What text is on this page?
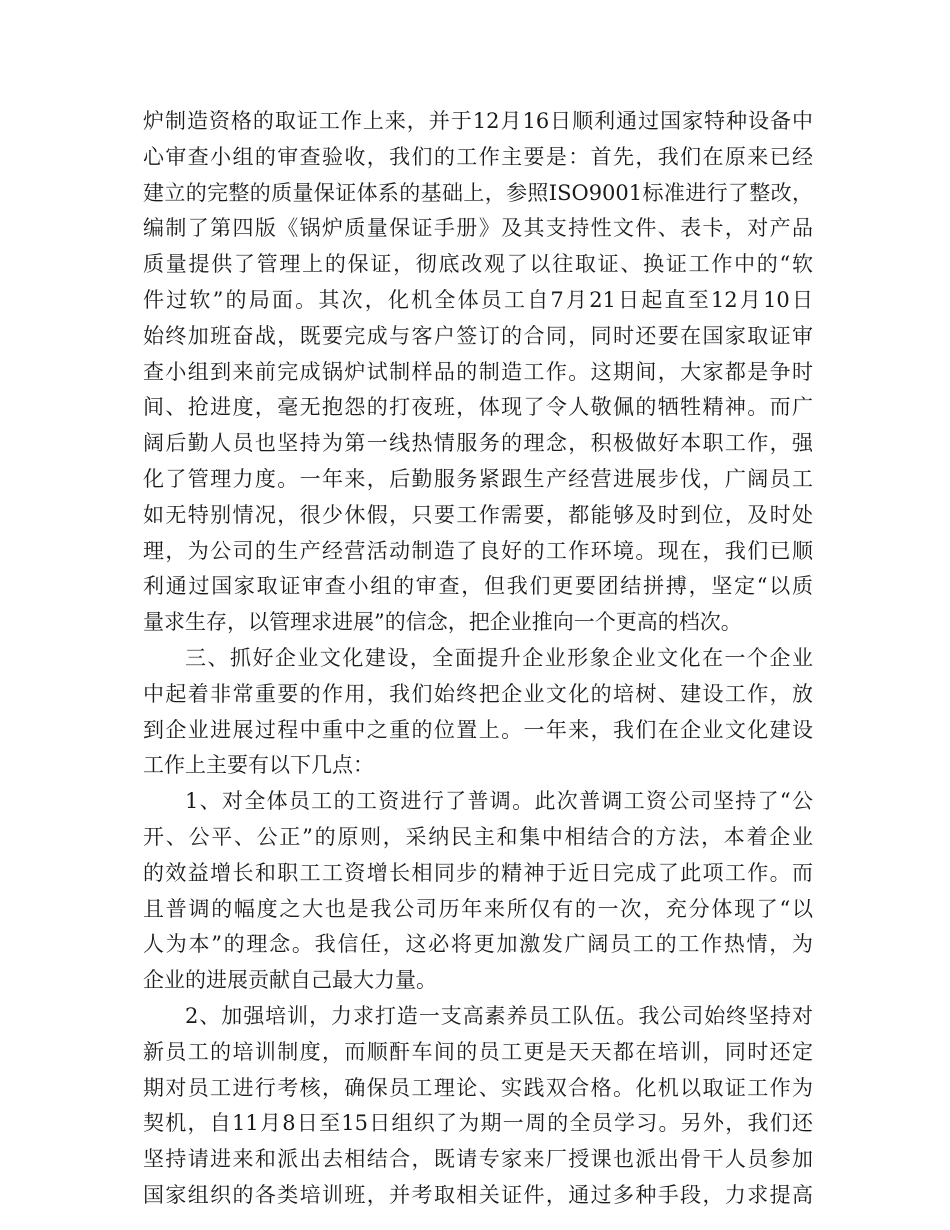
炉制造资格的取证工作上来，并于12月16日顺利通过国家特种设备中
心审查小组的审查验收，我们的工作主要是：首先，我们在原来已经
建立的完整的质量保证体系的基础上，参照ISO9001标准进行了整改，
编制了第四版《锅炉质量保证手册》及其支持性文件、表卡，对产品
质量提供了管理上的保证，彻底改观了以往取证、换证工作中的“软
件过软”的局面。其次，化机全体员工自7月21日起直至12月10日
始终加班奋战，既要完成与客户签订的合同，同时还要在国家取证审
查小组到来前完成锅炉试制样品的制造工作。这期间，大家都是争时
间、抢进度，毫无抱怨的打夜班，体现了令人敬佩的牺牲精神。而广
阔后勤人员也坚持为第一线热情服务的理念，积极做好本职工作，强
化了管理力度。一年来，后勤服务紧跟生产经营进展步伐，广阔员工
如无特别情况，很少休假，只要工作需要，都能够及时到位，及时处
理，为公司的生产经营活动制造了良好的工作环境。现在，我们已顺
利通过国家取证审查小组的审查，但我们更要团结拼搏，坚定“以质
量求生存，以管理求进展”的信念，把企业推向一个更高的档次。
三、抓好企业文化建设，全面提升企业形象企业文化在一个企业
中起着非常重要的作用，我们始终把企业文化的培树、建设工作，放
到企业进展过程中重中之重的位置上。一年来，我们在企业文化建设
工作上主要有以下几点：
1、对全体员工的工资进行了普调。此次普调工资公司坚持了“公
开、公平、公正”的原则，采纳民主和集中相结合的方法，本着企业
的效益增长和职工工资增长相同步的精神于近日完成了此项工作。而
且普调的幅度之大也是我公司历年来所仅有的一次，充分体现了“以
人为本”的理念。我信任，这必将更加激发广阔员工的工作热情，为
企业的进展贡献自己最大力量。
2、加强培训，力求打造一支高素养员工队伍。我公司始终坚持对
新员工的培训制度，而顺酐车间的员工更是天天都在培训，同时还定
期对员工进行考核，确保员工理论、实践双合格。化机以取证工作为
契机，自11月8日至15日组织了为期一周的全员学习。另外，我们还
坚持请进来和派出去相结合，既请专家来厂授课也派出骨干人员参加
国家组织的各类培训班，并考取相关证件，通过多种手段，力求提高
